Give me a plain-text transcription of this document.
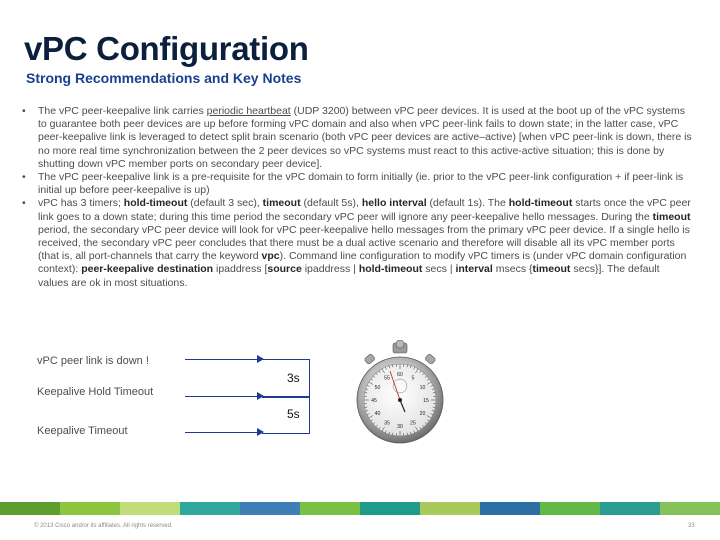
vPC Configuration
Strong Recommendations and Key Notes
• The vPC peer-keepalive link carries periodic heartbeat (UDP 3200) between vPC peer devices. It is used at the boot up of the vPC systems to guarantee both peer devices are up before forming vPC domain and also when vPC peer-link fails to down state; in the latter case, vPC peer-keepalive link is leveraged to detect split brain scenario (both vPC peer devices are active–active) [when vPC peer-link is down, there is no more real time synchronization between the 2 peer devices so vPC systems must react to this active-active situation; this is done by shutting down vPC member ports on secondary peer device].
• The vPC peer-keepalive link is a pre-requisite for the vPC domain to form initially (ie. prior to the vPC peer-link configuration + if peer-link is initial up before peer-keepalive is up)
• vPC has 3 timers; hold-timeout (default 3 sec), timeout (default 5s), hello interval (default 1s). The hold-timeout starts once the vPC peer link goes to a down state; during this time period the secondary vPC peer will ignore any peer-keepalive hello messages. During the timeout period, the secondary vPC peer device will look for vPC peer-keepalive hello messages from the primary vPC peer device. If a single hello is received, the secondary vPC peer concludes that there must be a dual active scenario and therefore will disable all its vPC member ports (that is, all port-channels that carry the keyword vpc). Command line configuration to modify vPC timers is (under vPC domain configuration context): peer-keepalive destination ipaddress [source ipaddress | hold-timeout secs | interval msecs {timeout secs}]. The default values are ok in most situations.
vPC peer link is down !
Keepalive Hold Timeout
Keepalive Timeout
3s
5s
60
5
10
15
20
25
30
35
40
45
50
55
© 2013 Cisco and/or its affiliates. All rights reserved.	33
